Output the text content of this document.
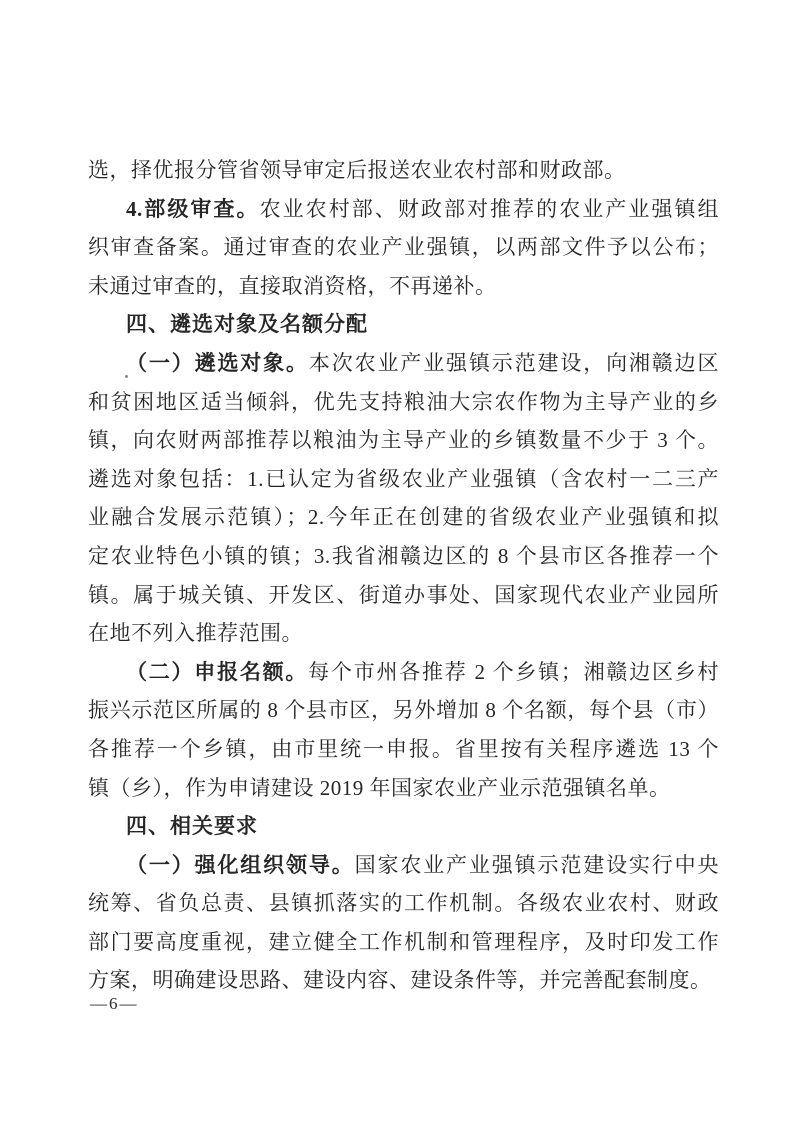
选，择优报分管省领导审定后报送农业农村部和财政部。
4.部级审查。农业农村部、财政部对推荐的农业产业强镇组
织审查备案。通过审查的农业产业强镇，以两部文件予以公布；
未通过审查的，直接取消资格，不再递补。
四、遴选对象及名额分配
（一）遴选对象。本次农业产业强镇示范建设，向湘赣边区
和贫困地区适当倾斜，优先支持粮油大宗农作物为主导产业的乡
镇，向农财两部推荐以粮油为主导产业的乡镇数量不少于 3 个。
遴选对象包括：1.已认定为省级农业产业强镇（含农村一二三产
业融合发展示范镇）；2.今年正在创建的省级农业产业强镇和拟
定农业特色小镇的镇；3.我省湘赣边区的 8 个县市区各推荐一个
镇。属于城关镇、开发区、街道办事处、国家现代农业产业园所
在地不列入推荐范围。
（二）申报名额。每个市州各推荐 2 个乡镇；湘赣边区乡村
振兴示范区所属的 8 个县市区，另外增加 8 个名额，每个县（市）
各推荐一个乡镇，由市里统一申报。省里按有关程序遴选 13 个
镇（乡），作为申请建设 2019 年国家农业产业示范强镇名单。
四、相关要求
（一）强化组织领导。国家农业产业强镇示范建设实行中央
统筹、省负总责、县镇抓落实的工作机制。各级农业农村、财政
部门要高度重视，建立健全工作机制和管理程序，及时印发工作
方案，明确建设思路、建设内容、建设条件等，并完善配套制度。
—6—
